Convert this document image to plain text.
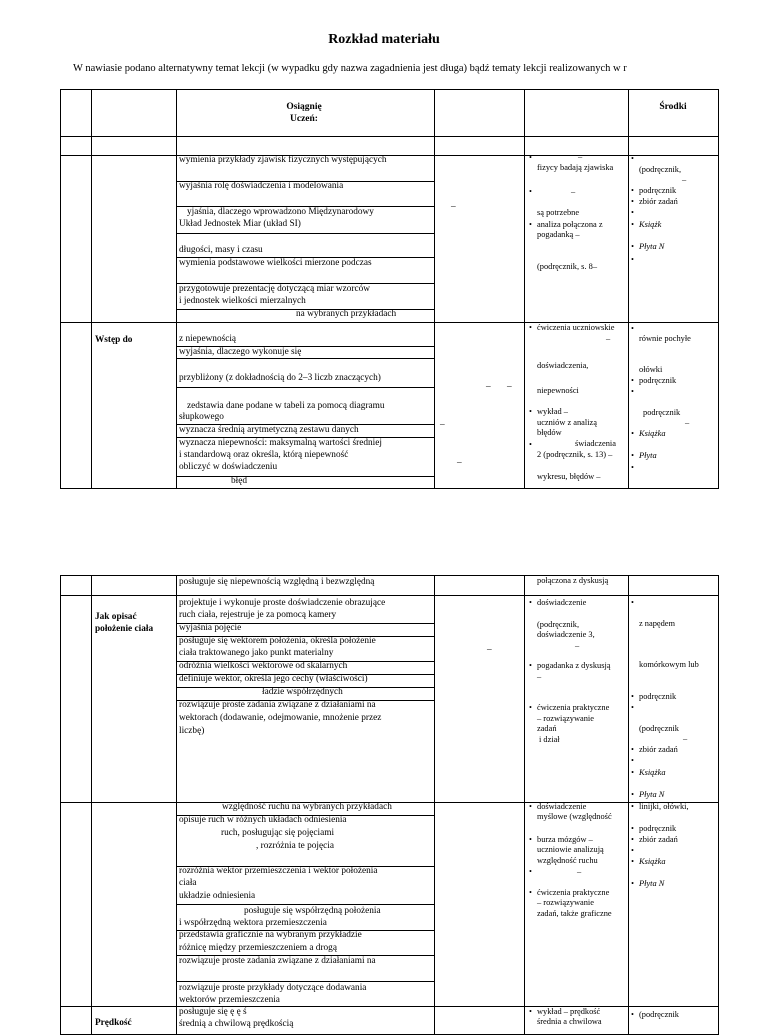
Rozkład materiału
W nawiasie podano alternatywny temat lekcji (w wypadku gdy nazwa zagadnienia jest długa) bądź tematy lekcji realizowanych w r
Osiągnię
Uczeń:
Środki
wymienia przykłady zjawisk fizycznych występujących
wyjaśnia rolę doświadczenia i modelowania
yjaśnia, dlaczego wprowadzono Międzynarodowy
Układ Jednostek Miar (układ SI)
długości, masy i czasu
wymienia podstawowe wielkości mierzone podczas
przygotowuje prezentację dotyczącą miar wzorców
i jednostek wielkości mierzalnych
na wybranych przykładach
–
•
–
fizycy badają zjawiska
•
–
są potrzebne
•analiza połączona z
pogadanką –
(podręcznik, s. 8–
•
(podręcznik,
–
•podręcznik
•zbiór zadań
•
•Książk
•Płyta N
•
Wstęp do	z niepewnością
wyjaśnia, dlaczego wykonuje się
przybliżony (z dokładnością do 2–3 liczb znaczących)
zedstawia dane podane w tabeli za pomocą diagramu
słupkowego
wyznacza średnią arytmetyczną zestawu danych
wyznacza niepewności: maksymalną wartości średniej
i standardową oraz określa, którą niepewność
obliczyć w doświadczeniu
błęd
– –
–
–
•ćwiczenia uczniowskie
–
doświadczenia,
niepewności
•wykład –
uczniów z analizą
błędów
•
świadczenia
2 (podręcznik, s. 13) –
wykresu, błędów –
•
równie pochyłe
ołówki
•podręcznik
•
podręcznik
–
•Książka
•Płyta
•
posługuje się niepewnością względną i bezwzględną	połączona z dyskusją
Jak opisać
położenie ciała
projektuje i wykonuje proste doświadczenie obrazujące
ruch ciała, rejestruje je za pomocą kamery
wyjaśnia pojęcie
posługuje się wektorem położenia, określa położenie
ciała traktowanego jako punkt materialny
odróżnia wielkości wektorowe od skalarnych
definiuje wektor, określa jego cechy (właściwości)
ładzie współrzędnych
rozwiązuje proste zadania związane z działaniami na
wektorach (dodawanie, odejmowanie, mnożenie przez
liczbę)
–
•doświadczenie
(podręcznik,
doświadczenie 3,
–
•pogadanka z dyskusją
–
•ćwiczenia praktyczne
– rozwiązywanie
zadań
i dział
•
z napędem
komórkowym lub
•podręcznik
•
(podręcznik
–
•zbiór zadań
•
•Książka
•Płyta N
względność ruchu na wybranych przykładach
opisuje ruch w różnych układach odniesienia
ruch, posługując się pojęciami
, rozróżnia te pojęcia
rozróżnia wektor przemieszczenia i wektor położenia
ciała
układzie odniesienia
posługuje się współrzędną położenia
i współrzędną wektora przemieszczenia
przedstawia graficznie na wybranym przykładzie
różnicę między przemieszczeniem a drogą
rozwiązuje proste zadania związane z działaniami na
rozwiązuje proste przykłady dotyczące dodawania
wektorów przemieszczenia
•doświadczenie
myślowe (względność
•burza mózgów –
uczniowie analizują
względność ruchu
•
–
•ćwiczenia praktyczne
– rozwiązywanie
zadań, także graficzne
•linijki, ołówki,
•podręcznik
•zbiór zadań
•
•Książka
•Płyta N
Prędkość
posługuje się ę ę ś
średnią a chwilową prędkością
•wykład – prędkość
średnia a chwilowa
•(podręcznik
